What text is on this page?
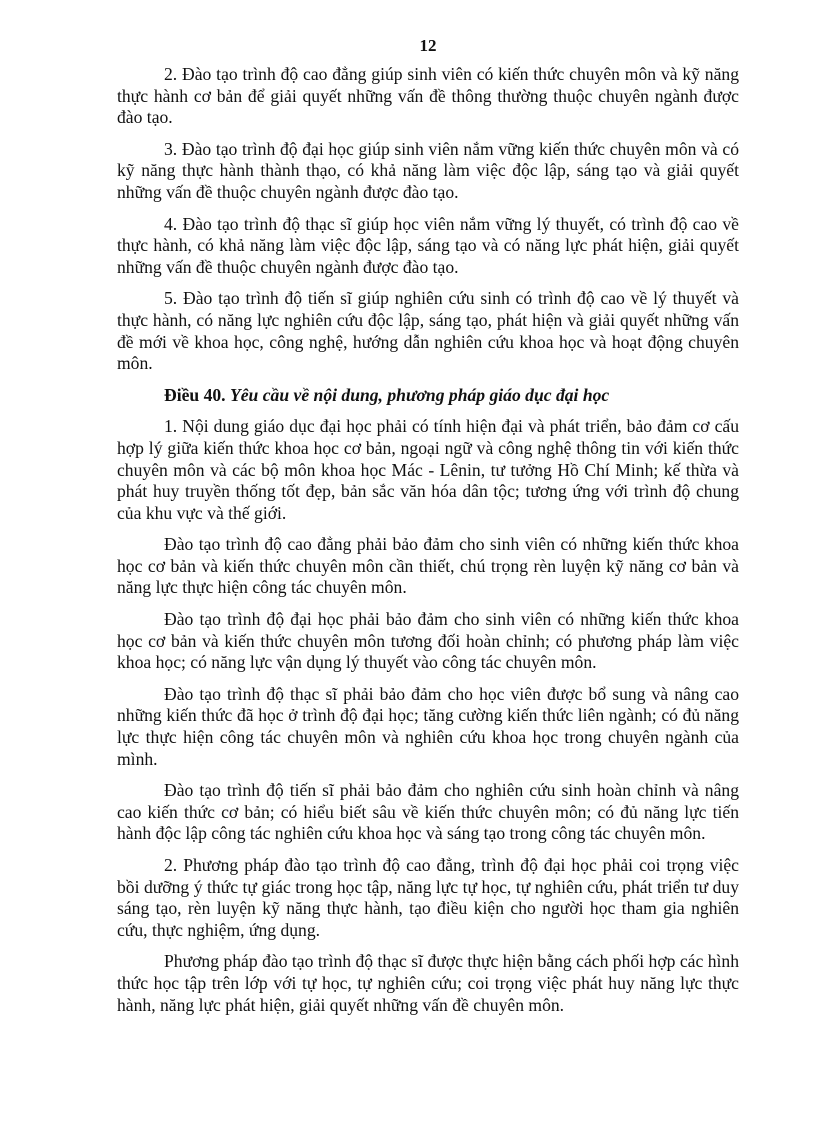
12

2. Đào tạo trình độ cao đẳng giúp sinh viên có kiến thức chuyên môn và kỹ năng thực hành cơ bản để giải quyết những vấn đề thông thường thuộc chuyên ngành được đào tạo.

3. Đào tạo trình độ đại học giúp sinh viên nắm vững kiến thức chuyên môn và có kỹ năng thực hành thành thạo, có khả năng làm việc độc lập, sáng tạo và giải quyết những vấn đề thuộc chuyên ngành được đào tạo.

4. Đào tạo trình độ thạc sĩ giúp học viên nắm vững lý thuyết, có trình độ cao về thực hành, có khả năng làm việc độc lập, sáng tạo và có năng lực phát hiện, giải quyết những vấn đề thuộc chuyên ngành được đào tạo.

5. Đào tạo trình độ tiến sĩ giúp nghiên cứu sinh có trình độ cao về lý thuyết và thực hành, có năng lực nghiên cứu độc lập, sáng tạo, phát hiện và giải quyết những vấn đề mới về khoa học, công nghệ, hướng dẫn nghiên cứu khoa học và hoạt động chuyên môn.

Điều 40. Yêu cầu về nội dung, phương pháp giáo dục đại học

1. Nội dung giáo dục đại học phải có tính hiện đại và phát triển, bảo đảm cơ cấu hợp lý giữa kiến thức khoa học cơ bản, ngoại ngữ và công nghệ thông tin với kiến thức chuyên môn và các bộ môn khoa học Mác - Lênin, tư tưởng Hồ Chí Minh; kế thừa và phát huy truyền thống tốt đẹp, bản sắc văn hóa dân tộc; tương ứng với trình độ chung của khu vực và thế giới.

Đào tạo trình độ cao đẳng phải bảo đảm cho sinh viên có những kiến thức khoa học cơ bản và kiến thức chuyên môn cần thiết, chú trọng rèn luyện kỹ năng cơ bản và năng lực thực hiện công tác chuyên môn.

Đào tạo trình độ đại học phải bảo đảm cho sinh viên có những kiến thức khoa học cơ bản và kiến thức chuyên môn tương đối hoàn chỉnh; có phương pháp làm việc khoa học; có năng lực vận dụng lý thuyết vào công tác chuyên môn.

Đào tạo trình độ thạc sĩ phải bảo đảm cho học viên được bổ sung và nâng cao những kiến thức đã học ở trình độ đại học; tăng cường kiến thức liên ngành; có đủ năng lực thực hiện công tác chuyên môn và nghiên cứu khoa học trong chuyên ngành của mình.

Đào tạo trình độ tiến sĩ phải bảo đảm cho nghiên cứu sinh hoàn chỉnh và nâng cao kiến thức cơ bản; có hiểu biết sâu về kiến thức chuyên môn; có đủ năng lực tiến hành độc lập công tác nghiên cứu khoa học và sáng tạo trong công tác chuyên môn.

2. Phương pháp đào tạo trình độ cao đẳng, trình độ đại học phải coi trọng việc bồi dưỡng ý thức tự giác trong học tập, năng lực tự học, tự nghiên cứu, phát triển tư duy sáng tạo, rèn luyện kỹ năng thực hành, tạo điều kiện cho người học tham gia nghiên cứu, thực nghiệm, ứng dụng.

Phương pháp đào tạo trình độ thạc sĩ được thực hiện bằng cách phối hợp các hình thức học tập trên lớp với tự học, tự nghiên cứu; coi trọng việc phát huy năng lực thực hành, năng lực phát hiện, giải quyết những vấn đề chuyên môn.
